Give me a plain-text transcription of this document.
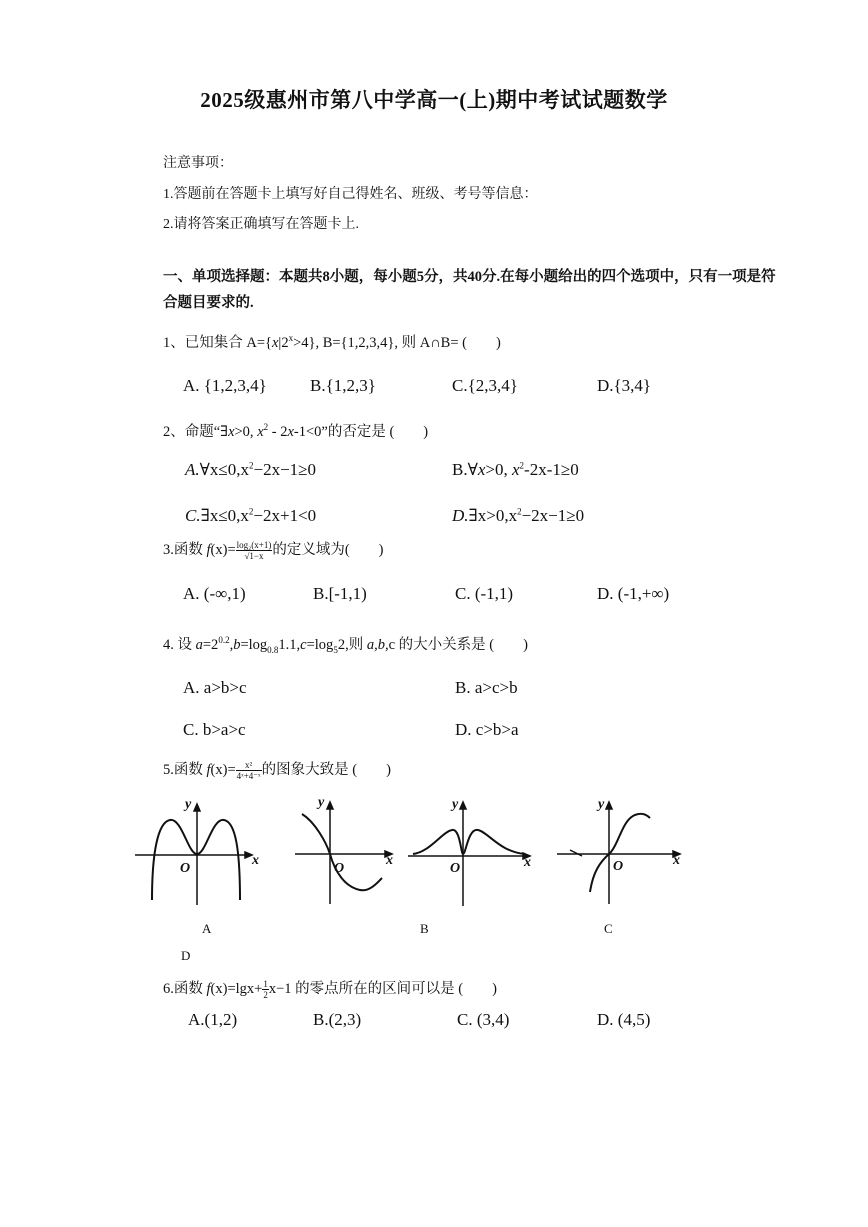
2025级惠州市第八中学高一(上)期中考试试题数学
注意事项：
1.答题前在答题卡上填写好自己得姓名、班级、考号等信息：
2.请将答案正确填写在答题卡上.
一、单项选择题：本题共8小题，每小题5分，共40分.在每小题给出的四个选项中，只有一项是符合题目要求的.
1、已知集合 $A=\{x|2^x>4\}$, B={1,2,3,4}, 则 A∩B= (　　)
A. {1,2,3,4}	B.{1,2,3}	C.{2,3,4}	D.{3,4}
2、命题“∃x>0, $x^2 - 2x-1<0$”的否定是 (　　)
$A.\forall x\le 0,x^2-2x-1\ge 0$	B.∀x>0, $x^2-2x-1\ge 0$
$C.\exists x\le 0,x^2-2x+1<0$	$D.\exists x>0,x^2-2x-1\ge 0$
3.函数 $f(x)= \frac{\text{log₂(x+1)}}{√1-x}$ 的定义域为(　　)
A. (-∞,1)	B.[-1,1)	C. (-1,1)	D. (-1,+∞)
4. 设 $a=2^{0.2},b=\log_{0.8}1.1,c=\log_52$,则 a,b,c 的大小关系是 (　　)
A. a>b>c	B. a>c>b
C. b>a>c	D. c>b>a
5.函数 $f(x)= \frac{\text{x²}}{\text{4ˣ+4⁻ˣ}}$ 的图象大致是 (　　)
y
x
O
y
x
O
y
x
O
y
x
O
A	B	C
D
6.函数 $f(x)=\lg x+ \frac{1}{2} x-1$ 的零点所在的区间可以是 (　　)
A.(1,2)	B.(2,3)	C. (3,4)	D. (4,5)
